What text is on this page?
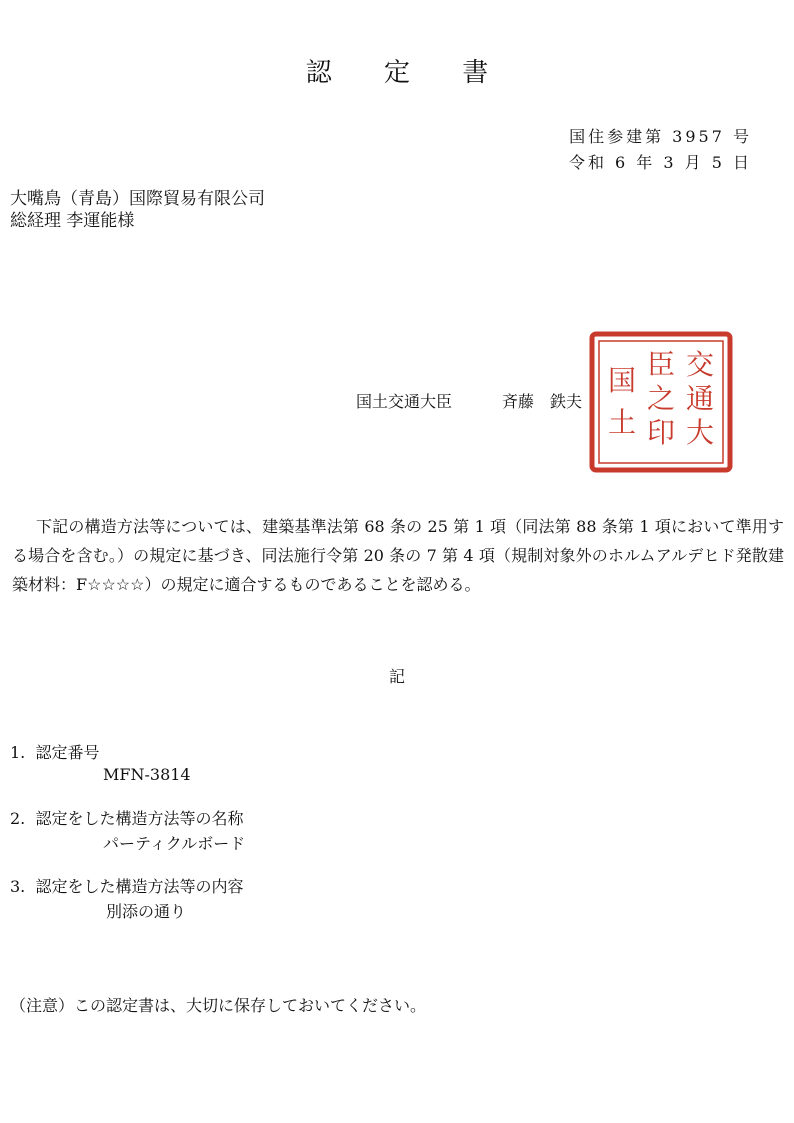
認 定 書
国住参建第 3957 号
令和 6 年 3 月 5 日
大嘴鳥（青島）国際貿易有限公司
総経理 李運能様
国土交通大臣	斉藤　鉄夫
交
通
大
臣
之
印
国
土
下記の構造方法等については、建築基準法第 68 条の 25 第 1 項（同法第 88 条第 1 項において準用する場合を含む。）の規定に基づき、同法施行令第 20 条の 7 第 4 項（規制対象外のホルムアルデヒド発散建築材料：F☆☆☆☆）の規定に適合するものであることを認める。
記
1. 認定番号
MFN-3814
2. 認定をした構造方法等の名称
パーティクルボード
3. 認定をした構造方法等の内容
別添の通り
（注意）この認定書は、大切に保存しておいてください。
